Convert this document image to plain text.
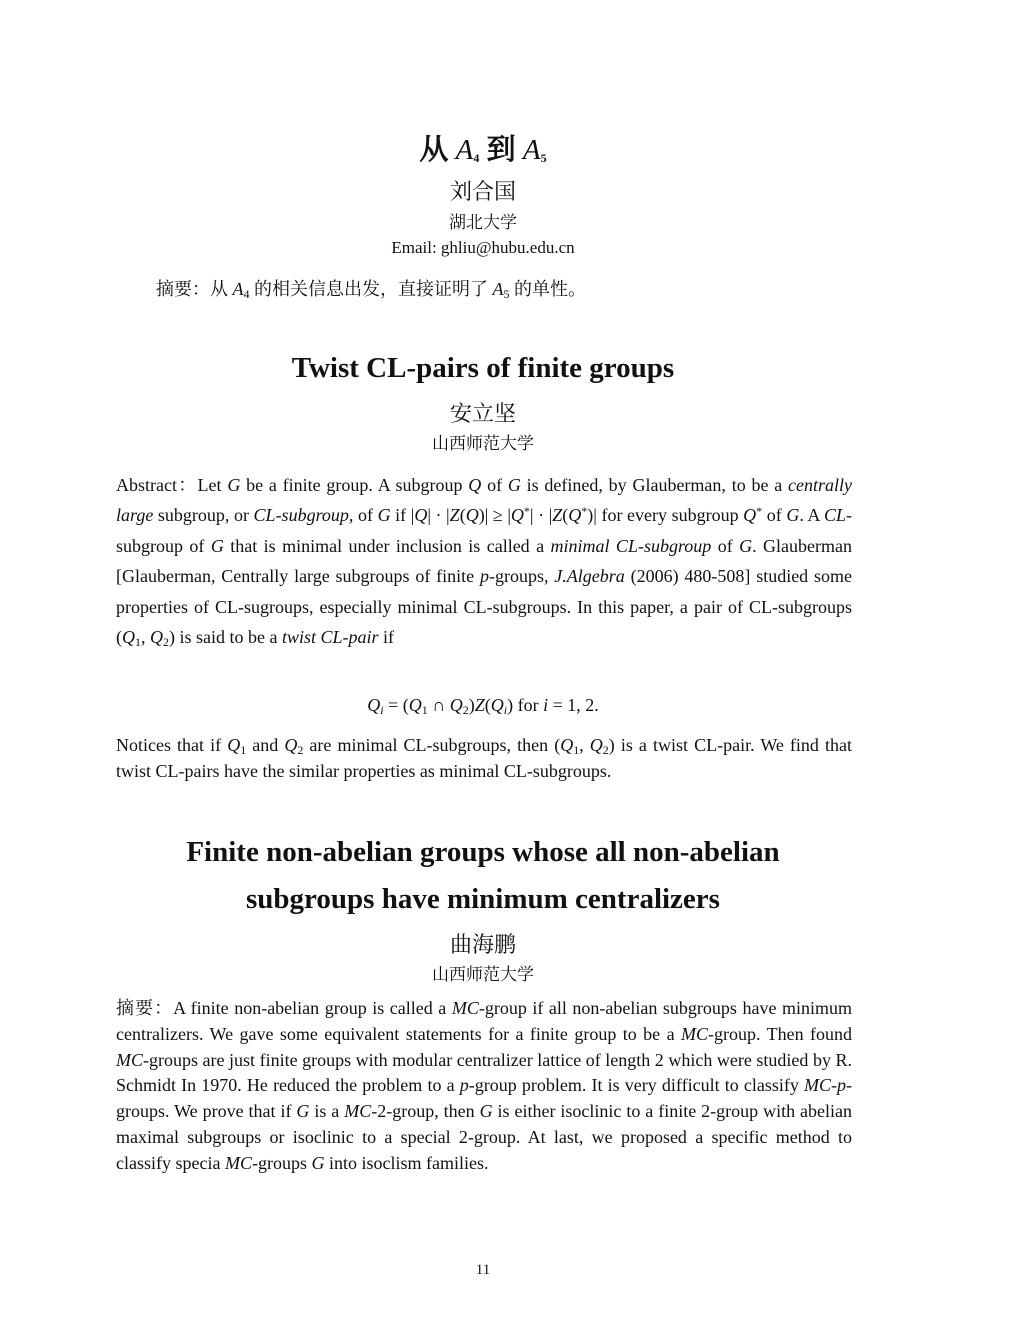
从 $A_4$ 到 $A_5$
刘合国
湖北大学
Email: ghliu@hubu.edu.cn
摘要：从 $A_4$ 的相关信息出发，直接证明了 $A_5$ 的单性。
Twist CL-pairs of finite groups
安立坚
山西师范大学
Abstract：Let G be a finite group. A subgroup Q of G is defined, by Glauberman, to be a centrally large subgroup, or CL-subgroup, of G if |Q| · |Z(Q)| ≥ |Q*| · |Z(Q*)| for every subgroup Q* of G. A CL-subgroup of G that is minimal under inclusion is called a minimal CL-subgroup of G. Glauberman [Glauberman, Centrally large subgroups of finite p-groups, J.Algebra (2006) 480-508] studied some properties of CL-sugroups, especially minimal CL-subgroups. In this paper, a pair of CL-subgroups ($Q_1$, $Q_2$) is said to be a twist CL-pair if
$Q_i = (Q_1$ ∩ $Q_2)Z(Q_i)$ for i = 1, 2.
Notices that if $Q_1$ and $Q_2$ are minimal CL-subgroups, then ($Q_1$, $Q_2$) is a twist CL-pair. We find that twist CL-pairs have the similar properties as minimal CL-subgroups.
Finite non-abelian groups whose all non-abelian
subgroups have minimum centralizers
曲海鹏
山西师范大学
摘要：A finite non-abelian group is called a MC-group if all non-abelian subgroups have minimum centralizers. We gave some equivalent statements for a finite group to be a MC-group. Then found MC-groups are just finite groups with modular centralizer lattice of length 2 which were studied by R. Schmidt In 1970. He reduced the problem to a p-group problem. It is very difficult to classify MC-p-groups. We prove that if G is a MC-2-group, then G is either isoclinic to a finite 2-group with abelian maximal subgroups or isoclinic to a special 2-group. At last, we proposed a specific method to classify specia MC-groups G into isoclism families.
11
